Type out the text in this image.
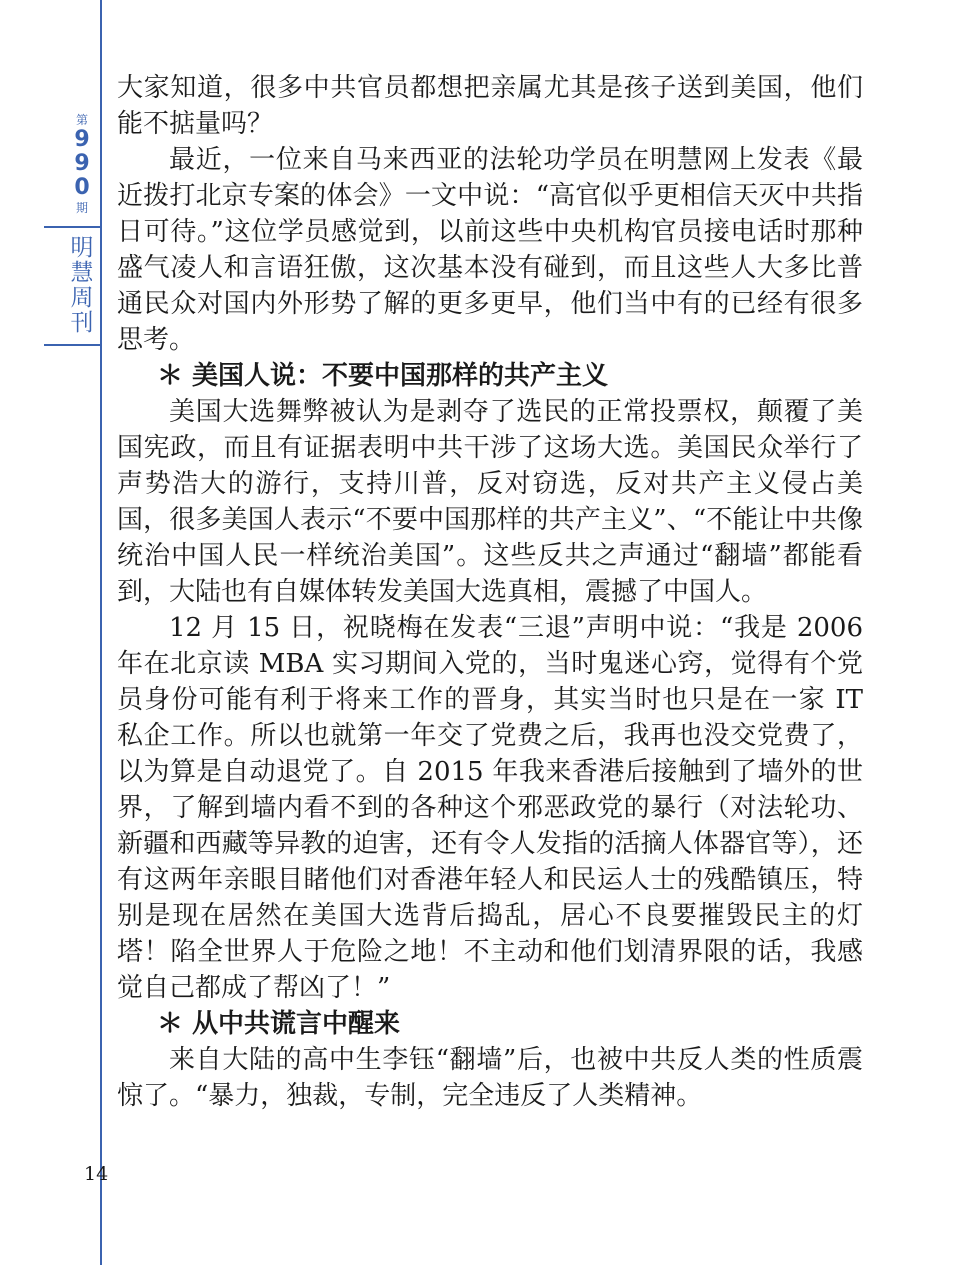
第
9
9
0
期
明慧周刊

大家知道，很多中共官员都想把亲属尤其是孩子送到美国，他们能不掂量吗？

最近，一位来自马来西亚的法轮功学员在明慧网上发表《最近拨打北京专案的体会》一文中说：“高官似乎更相信天灭中共指日可待。”这位学员感觉到，以前这些中央机构官员接电话时那种盛气凌人和言语狂傲，这次基本没有碰到，而且这些人大多比普通民众对国内外形势了解的更多更早，他们当中有的已经有很多思考。

＊ 美国人说：不要中国那样的共产主义

美国大选舞弊被认为是剥夺了选民的正常投票权，颠覆了美国宪政，而且有证据表明中共干涉了这场大选。美国民众举行了声势浩大的游行，支持川普，反对窃选，反对共产主义侵占美国，很多美国人表示“不要中国那样的共产主义”、“不能让中共像统治中国人民一样统治美国”。这些反共之声通过“翻墙”都能看到，大陆也有自媒体转发美国大选真相，震撼了中国人。

12 月 15 日，祝晓梅在发表“三退”声明中说：“我是 2006 年在北京读 MBA 实习期间入党的，当时鬼迷心窍，觉得有个党员身份可能有利于将来工作的晋身，其实当时也只是在一家 IT 私企工作。所以也就第一年交了党费之后，我再也没交党费了，以为算是自动退党了。自 2015 年我来香港后接触到了墙外的世界，了解到墙内看不到的各种这个邪恶政党的暴行（对法轮功、新疆和西藏等异教的迫害，还有令人发指的活摘人体器官等），还有这两年亲眼目睹他们对香港年轻人和民运人士的残酷镇压，特别是现在居然在美国大选背后捣乱，居心不良要摧毁民主的灯塔！陷全世界人于危险之地！不主动和他们划清界限的话，我感觉自己都成了帮凶了！”

＊ 从中共谎言中醒来

来自大陆的高中生李钰“翻墙”后，也被中共反人类的性质震惊了。“暴力，独裁，专制，完全违反了人类精神。

14
